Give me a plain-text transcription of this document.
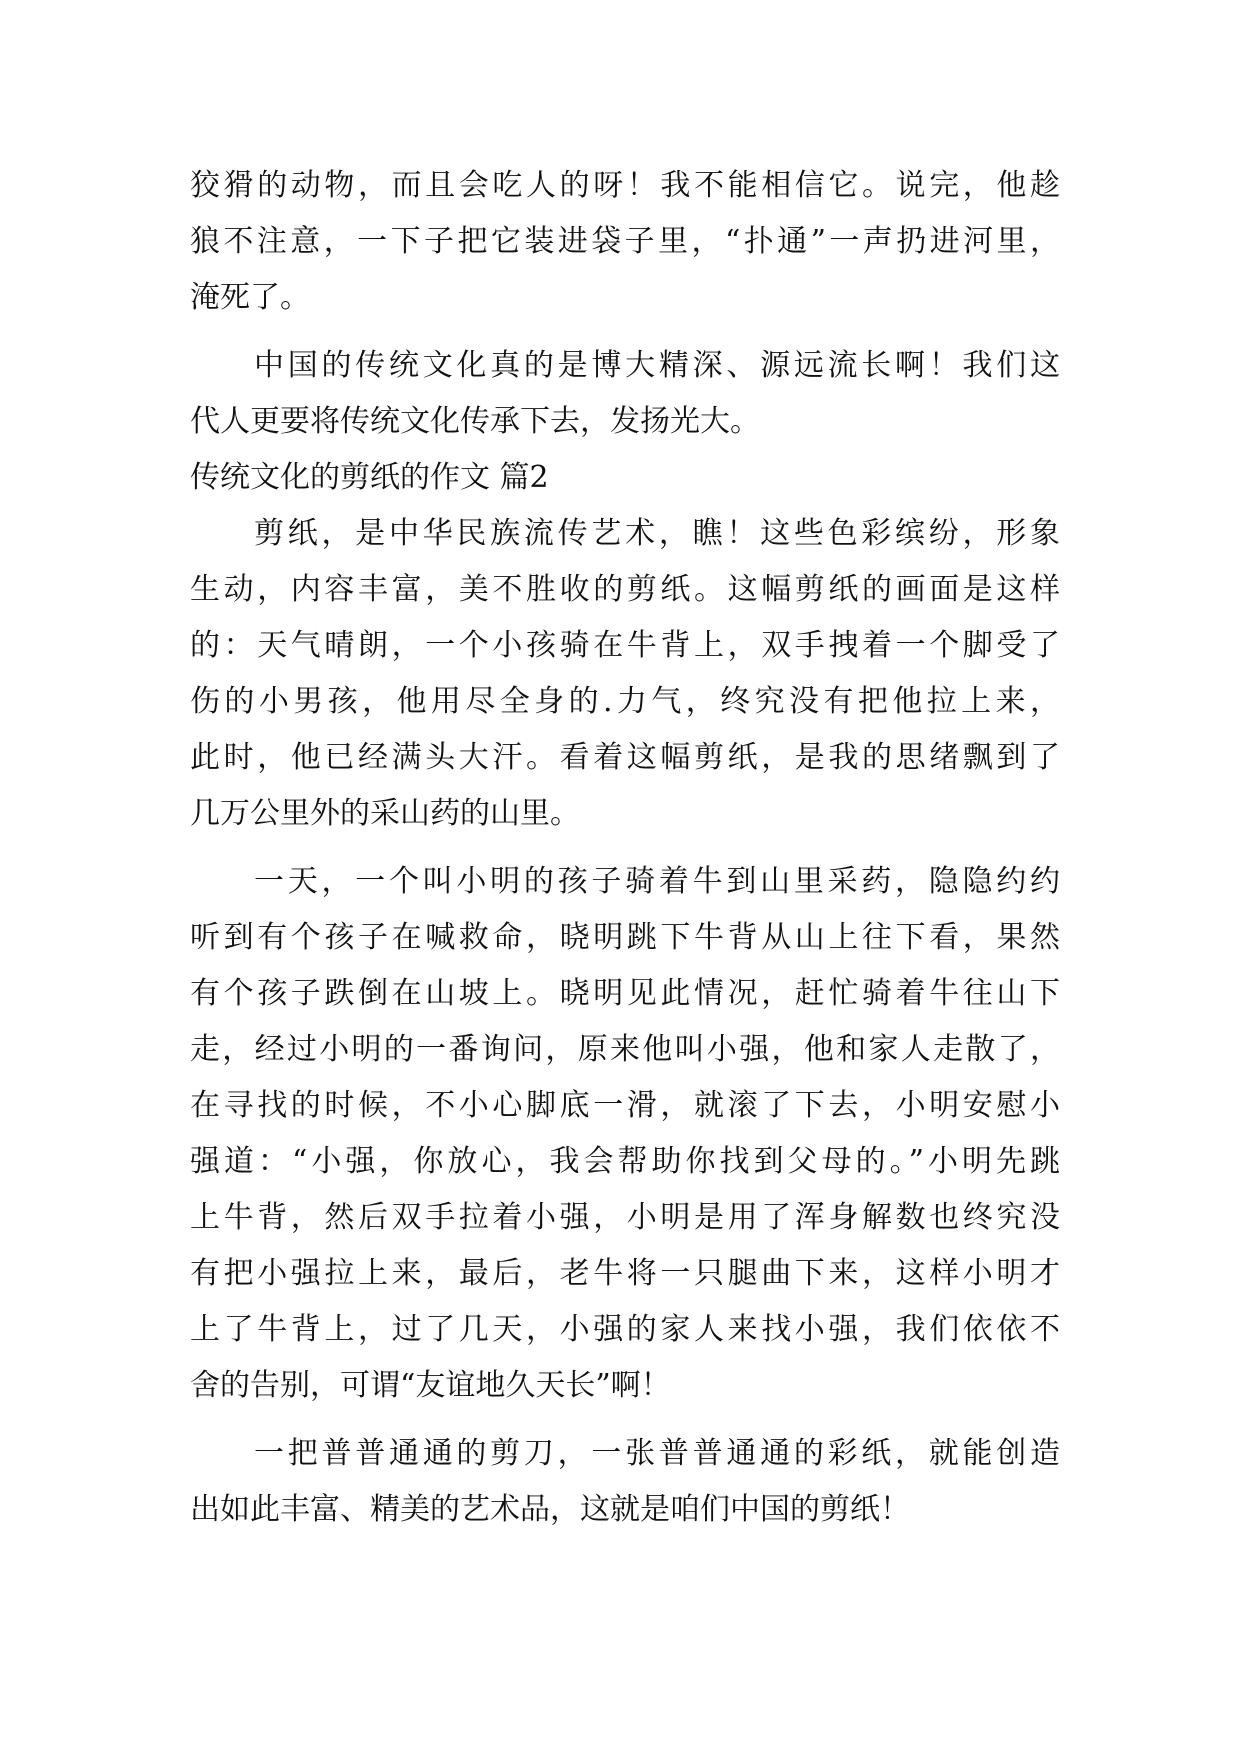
狡猾的动物，而且会吃人的呀！我不能相信它。说完，他趁
狼不注意，一下子把它装进袋子里，“扑通”一声扔进河里，
淹死了。
中国的传统文化真的是博大精深、源远流长啊！我们这
代人更要将传统文化传承下去，发扬光大。
传统文化的剪纸的作文 篇2
剪纸，是中华民族流传艺术，瞧！这些色彩缤纷，形象
生动，内容丰富，美不胜收的剪纸。这幅剪纸的画面是这样
的：天气晴朗，一个小孩骑在牛背上，双手拽着一个脚受了
伤的小男孩，他用尽全身的.力气，终究没有把他拉上来，
此时，他已经满头大汗。看着这幅剪纸，是我的思绪飘到了
几万公里外的采山药的山里。
一天，一个叫小明的孩子骑着牛到山里采药，隐隐约约
听到有个孩子在喊救命，晓明跳下牛背从山上往下看，果然
有个孩子跌倒在山坡上。晓明见此情况，赶忙骑着牛往山下
走，经过小明的一番询问，原来他叫小强，他和家人走散了，
在寻找的时候，不小心脚底一滑，就滚了下去，小明安慰小
强道：“小强，你放心，我会帮助你找到父母的。”小明先跳
上牛背，然后双手拉着小强，小明是用了浑身解数也终究没
有把小强拉上来，最后，老牛将一只腿曲下来，这样小明才
上了牛背上，过了几天，小强的家人来找小强，我们依依不
舍的告别，可谓“友谊地久天长”啊！
一把普普通通的剪刀，一张普普通通的彩纸，就能创造
出如此丰富、精美的艺术品，这就是咱们中国的剪纸！
